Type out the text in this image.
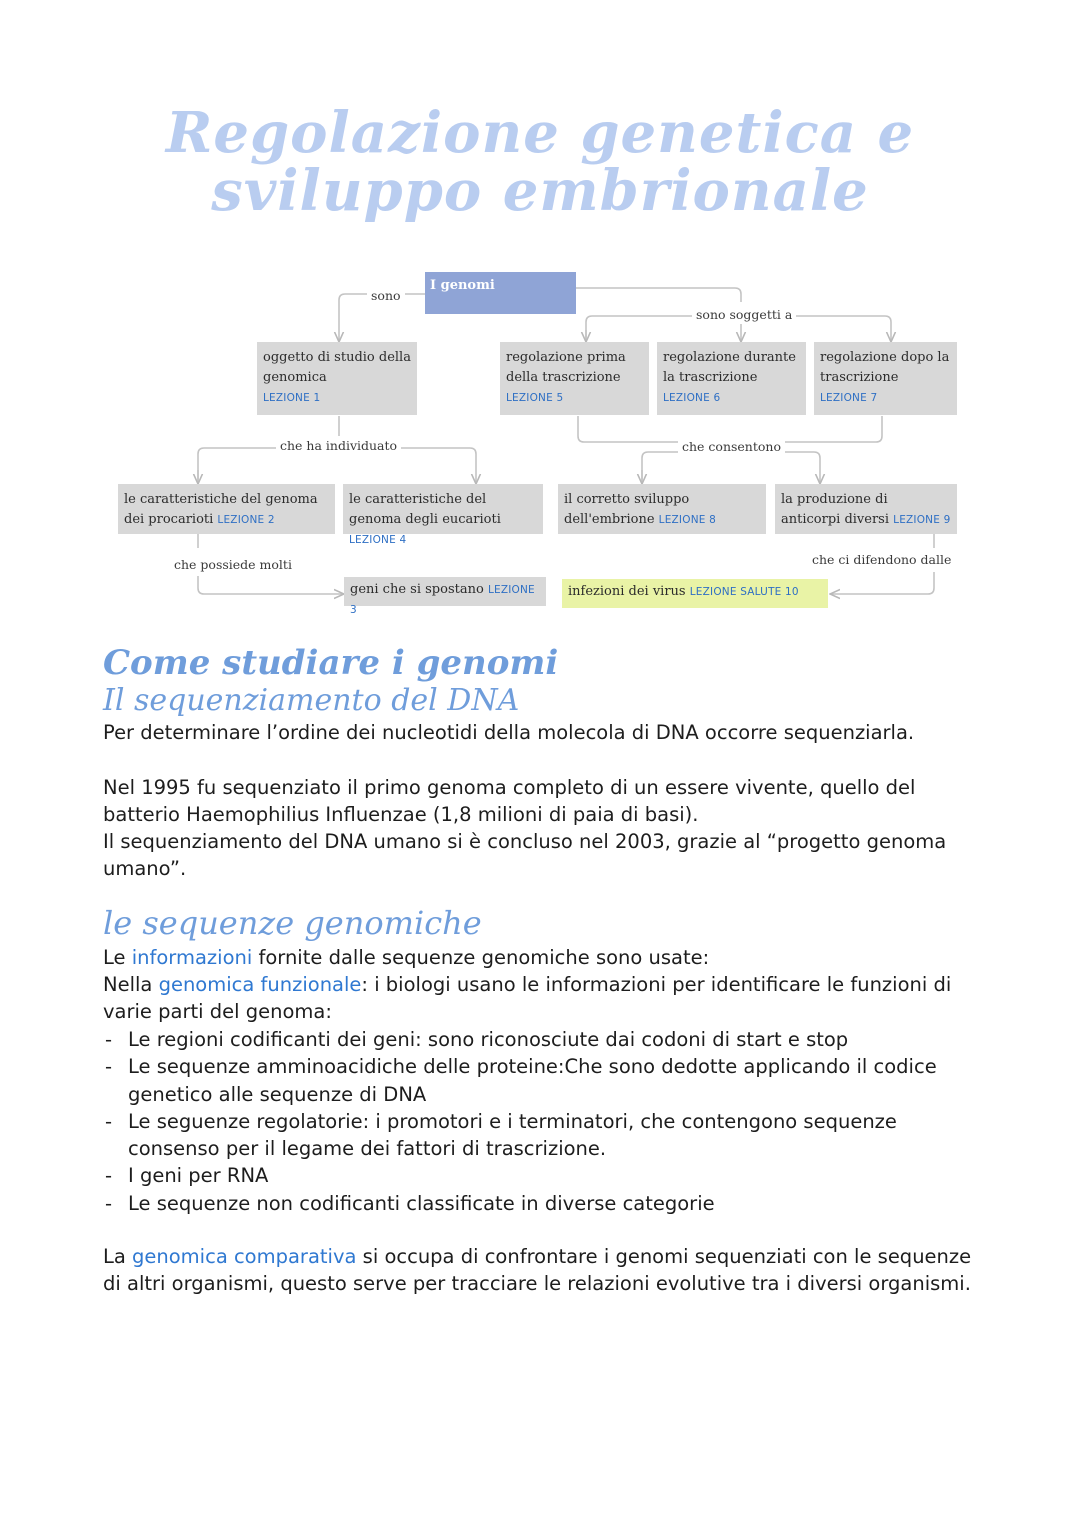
Regolazione genetica e
sviluppo embrionale
I genomi
sono
sono soggetti a
oggetto di studio della genomica
LEZIONE 1
regolazione prima della trascrizione
LEZIONE 5
regolazione durante la trascrizione
LEZIONE 6
regolazione dopo la trascrizione
LEZIONE 7
che ha individuato	che consentono
le caratteristiche del genoma dei procarioti LEZIONE 2
le caratteristiche del genoma degli eucarioti LEZIONE 4
il corretto sviluppo dell'embrione LEZIONE 8
la produzione di anticorpi diversi LEZIONE 9
che possiede molti	che ci difendono dalle
geni che si spostano LEZIONE 3
infezioni dei virus LEZIONE SALUTE 10
Come studiare i genomi
Il sequenziamento del DNA

Per determinare l’ordine dei nucleotidi della molecola di DNA occorre sequenziarla.

Nel 1995 fu sequenziato il primo genoma completo di un essere vivente, quello del batterio Haemophilius Influenzae (1,8 milioni di paia di basi).

Il sequenziamento del DNA umano si è concluso nel 2003, grazie al “progetto genoma umano”.

le sequenze genomiche

Le informazioni fornite dalle sequenze genomiche sono usate:

Nella genomica funzionale: i biologi usano le informazioni per identificare le funzioni di varie parti del genoma:

- Le regioni codificanti dei geni: sono riconosciute dai codoni di start e stop
- Le sequenze amminoacidiche delle proteine:Che sono dedotte applicando il codice genetico alle sequenze di DNA
- Le seguenze regolatorie: i promotori e i terminatori, che contengono sequenze consenso per il legame dei fattori di trascrizione.
- I geni per RNA
- Le sequenze non codificanti classificate in diverse categorie

La genomica comparativa si occupa di confrontare i genomi sequenziati con le sequenze di altri organismi, questo serve per tracciare le relazioni evolutive tra i diversi organismi.
